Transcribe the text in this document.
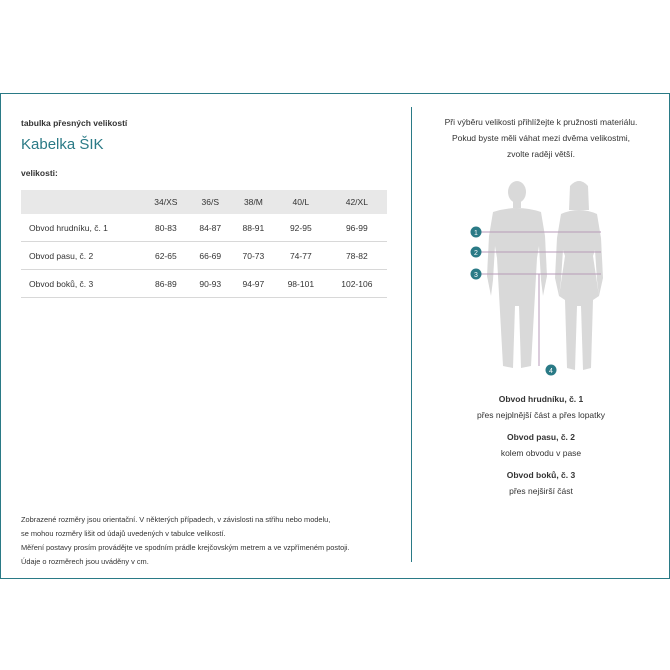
tabulka přesných velikostí
Kabelka ŠIK
velikosti:
	34/XS	36/S	38/M	40/L	42/XL
Obvod hrudníku, č. 1	80-83	84-87	88-91	92-95	96-99
Obvod pasu, č. 2	62-65	66-69	70-73	74-77	78-82
Obvod boků, č. 3	86-89	90-93	94-97	98-101	102-106
Zobrazené rozměry jsou orientační. V některých případech, v závislosti na střihu nebo modelu,
se mohou rozměry lišit od údajů uvedených v tabulce velikostí.
Měření postavy prosím provádějte ve spodním prádle krejčovským metrem a ve vzpřímeném postoji.
Údaje o rozměrech jsou uváděny v cm.
Při výběru velikosti přihlížejte k pružnosti materiálu.
Pokud byste měli váhat mezi dvěma velikostmi,
zvolte raději větší.
1
2
3
4
Obvod hrudníku, č. 1
přes nejplnější část a přes lopatky
Obvod pasu, č. 2
kolem obvodu v pase
Obvod boků, č. 3
přes nejširší část
